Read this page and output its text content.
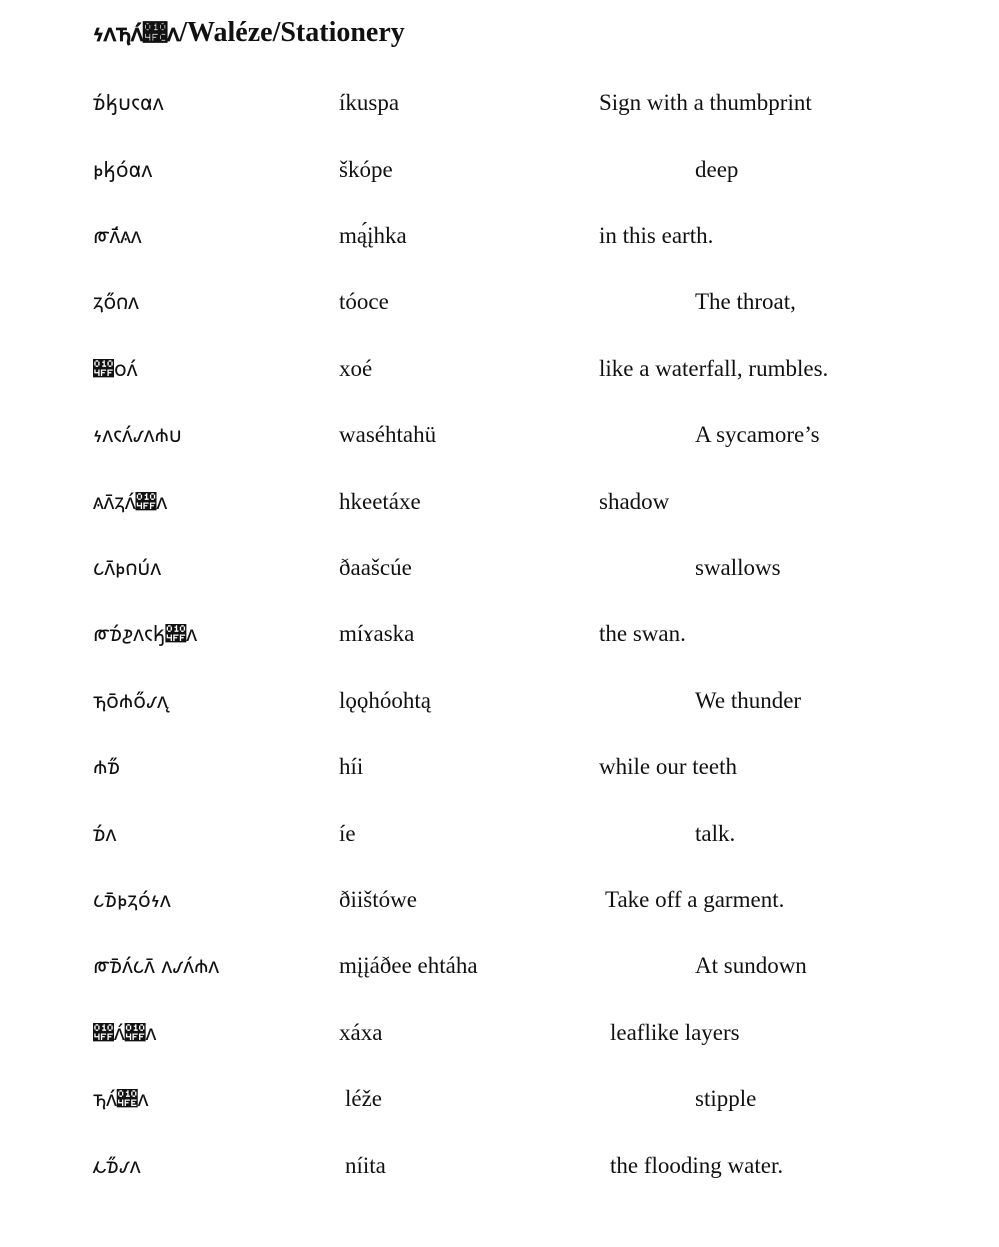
𐓷𐓘𐓵𐓘́𐓼𐓘/Waléze/Stationery
𐓰́𐓤𐓶𐓮𐓟𐓘	íkuspa	Sign with a thumbprint
𐓬𐓤𐓪́𐓟𐓘	škópe	deep
𐓨𐓘̄́𐓚𐓘	mą́įhka	in this earth.
𐓻𐓪̋𐓣𐓘	tóoce	The throat,
𐓿𐓪𐓘́	xoé	like a waterfall, rumbles.
𐓷𐓘𐓮𐓘́𐓡𐓘𐓸𐓶	waséhtahü	A sycamore’s
𐓚𐓘̄𐓻𐓘́𐓿𐓘	hkeetáxe	shadow
𐓧𐓘̄𐓬𐓣𐓶́𐓘	ðaašcúe	swallows
𐓨𐓰́𐓲𐓘𐓮𐓤𐓿𐓘	míɤaska	the swan.
𐓵𐓪̄𐓸𐓪̋𐓡𐓘̨	lǫǫhóohtą	We thunder
𐓸𐓰̋	híi	while our teeth
𐓰́𐓘	íe	talk.
𐓧𐓰̄𐓬𐓻𐓪́𐓷𐓘	ðiištówe	Take off a garment.
𐓨𐓰̄𐓘́𐓧𐓘̄ 𐓘𐓡𐓘́𐓸𐓘	mįįáðee ehtáha	At sundown
𐓿𐓘́𐓿𐓘	xáxa	leaflike layers
𐓵𐓘́𐓾𐓘	léže	stipple
𐓩𐓰̋𐓡𐓘	níita	the flooding water.
